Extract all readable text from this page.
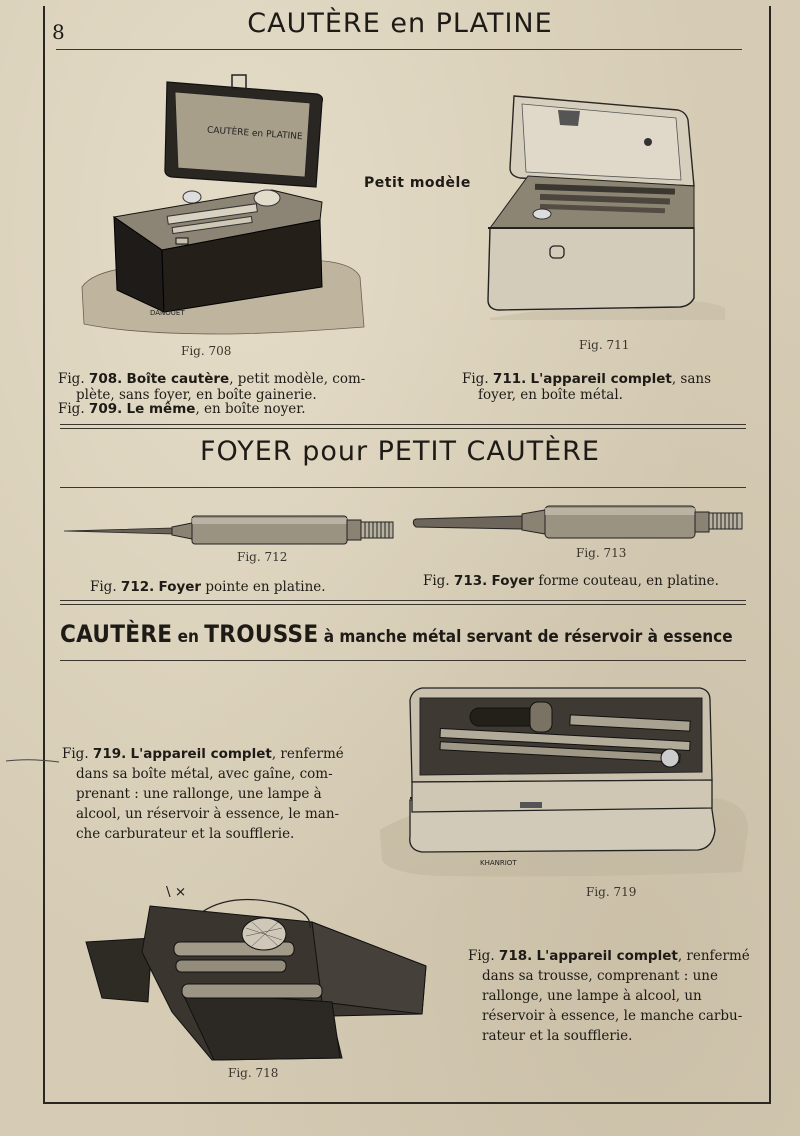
8	CAUTÈRE en PLATINE
CAUTÈRE en PLATINE
DANOUET
Petit modèle
Fig. 708	Fig. 711
Fig. 708. Boîte cautère, petit modèle, com-
plète, sans foyer, en boîte gainerie.
Fig. 709. Le même, en boîte noyer.
Fig. 711. L'appareil complet, sans
foyer, en boîte métal.
FOYER pour PETIT CAUTÈRE
Fig. 712	Fig. 713
Fig. 712. Foyer pointe en platine.	Fig. 713. Foyer forme couteau, en platine.
CAUTÈRE en TROUSSE à manche métal servant de réservoir à essence
Fig. 719. L'appareil complet, renfermé
dans sa boîte métal, avec gaîne, com-
prenant : une rallonge, une lampe à
alcool, un réservoir à essence, le man-
che carburateur et la soufflerie.
KHANRIOT
Fig. 719
\ ×
Fig. 718
Fig. 718. L'appareil complet, renfermé
dans sa trousse, comprenant : une
rallonge, une lampe à alcool, un
réservoir à essence, le manche carbu-
rateur et la soufflerie.
